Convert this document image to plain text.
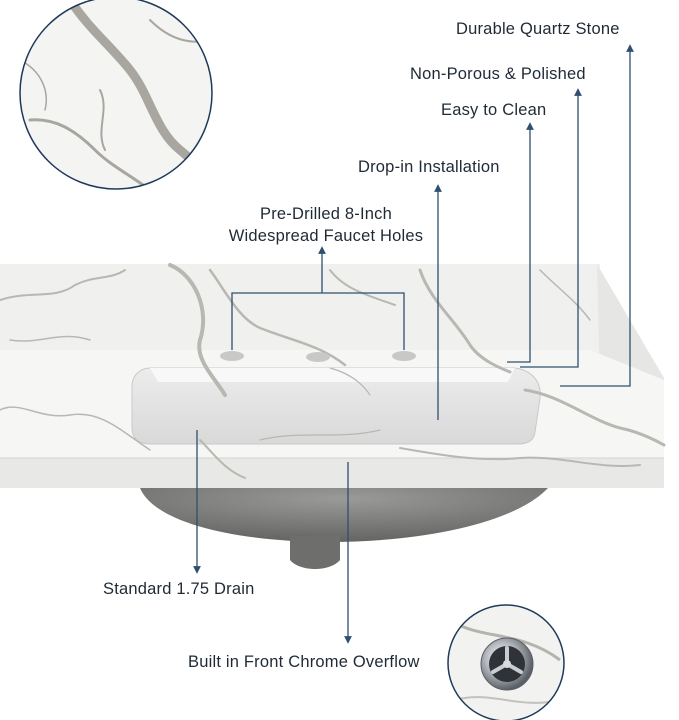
Durable Quartz Stone
Non-Porous & Polished
Easy to Clean
Drop-in Installation
Pre-Drilled 8-Inch
Widespread Faucet Holes
Standard 1.75 Drain
Built in Front Chrome Overflow
